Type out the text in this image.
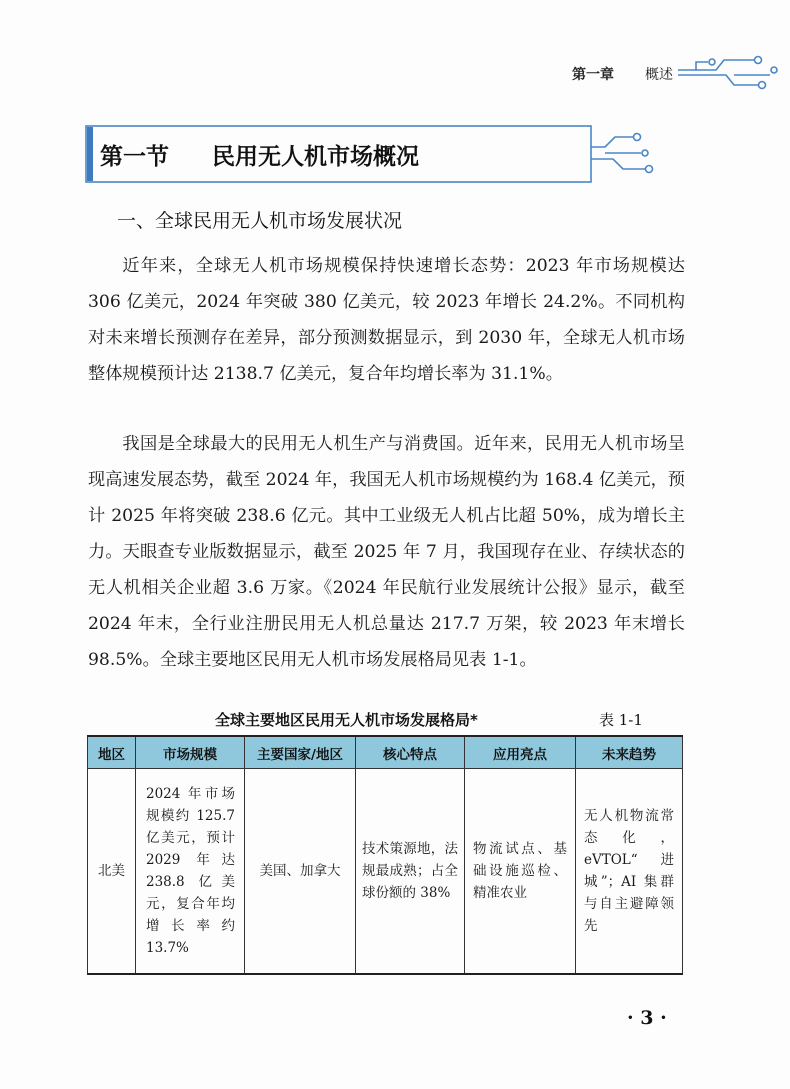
第一章 概述
第一节 民用无人机市场概况
一、全球民用无人机市场发展状况
近年来，全球无人机市场规模保持快速增长态势：2023 年市场规模达 306 亿美元，2024 年突破 380 亿美元，较 2023 年增长 24.2%。不同机构对未来增长预测存在差异，部分预测数据显示，到 2030 年，全球无人机市场整体规模预计达 2138.7 亿美元，复合年均增长率为 31.1%。
我国是全球最大的民用无人机生产与消费国。近年来，民用无人机市场呈现高速发展态势，截至 2024 年，我国无人机市场规模约为 168.4 亿美元，预计 2025 年将突破 238.6 亿元。其中工业级无人机占比超 50%，成为增长主力。天眼查专业版数据显示，截至 2025 年 7 月，我国现存在业、存续状态的无人机相关企业超 3.6 万家。《2024 年民航行业发展统计公报》显示，截至 2024 年末，全行业注册民用无人机总量达 217.7 万架，较 2023 年末增长 98.5%。全球主要地区民用无人机市场发展格局见表 1-1。
全球主要地区民用无人机市场发展格局*	表 1-1
地区	市场规模	主要国家/地区	核心特点	应用亮点	未来趋势
北美	2024 年市场规模约 125.7 亿美元，预计 2029 年达 238.8 亿美元，复合年均增长率约 13.7%	美国、加拿大	技术策源地，法规最成熟；占全球份额的 38%	物流试点、基础设施巡检、精准农业	无人机物流常态化，eVTOL“进城”；AI 集群与自主避障领先
· 3 ·
